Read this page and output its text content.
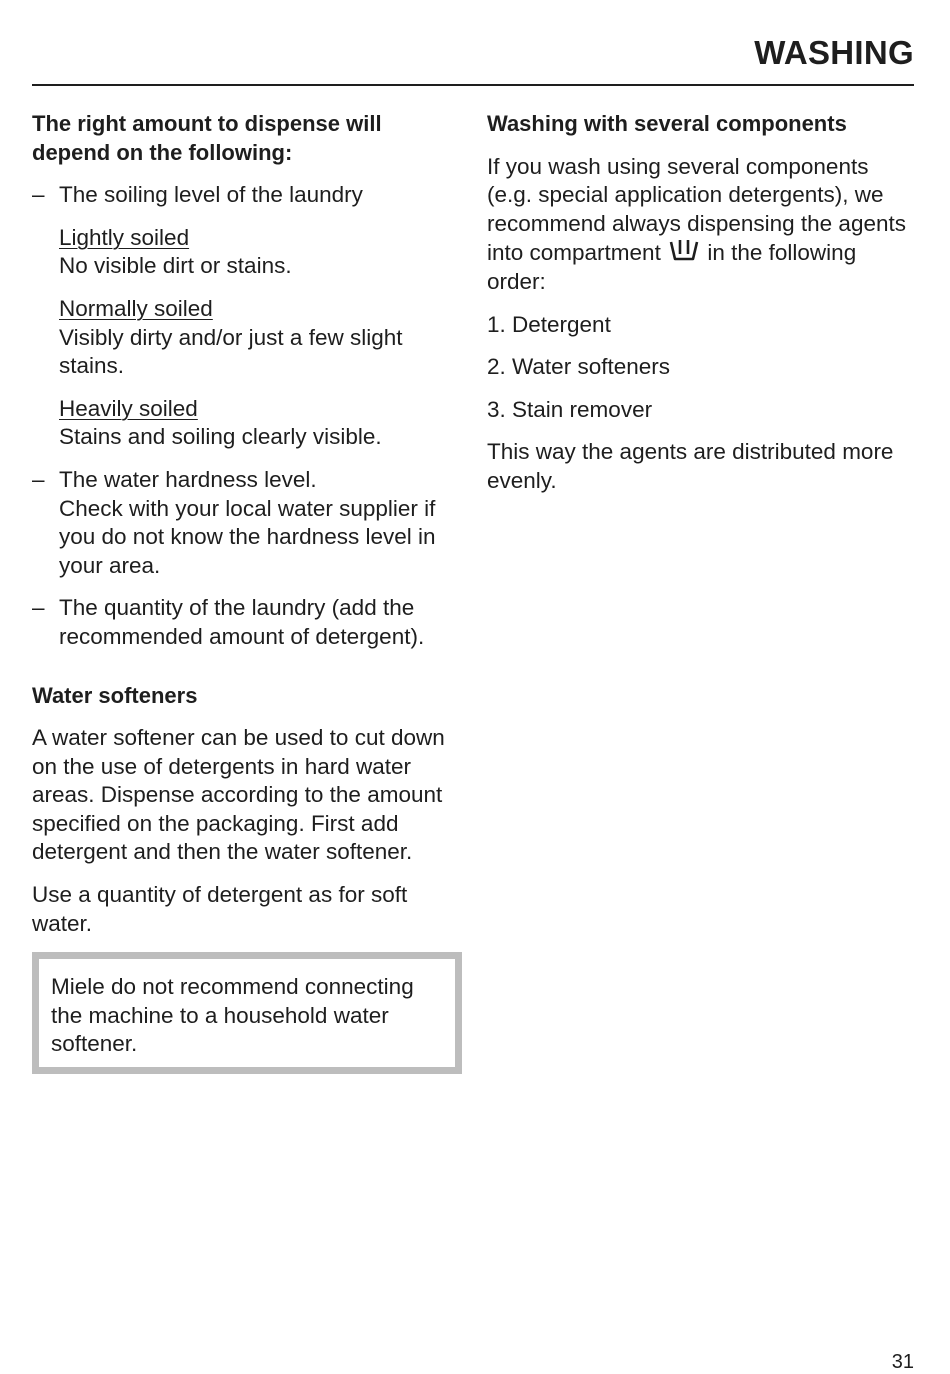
WASHING

The right amount to dispense will depend on the following:

– The soiling level of the laundry

Lightly soiled
No visible dirt or stains.

Normally soiled
Visibly dirty and/or just a few slight stains.

Heavily soiled
Stains and soiling clearly visible.

– The water hardness level.
Check with your local water supplier if you do not know the hardness level in your area.
– The quantity of the laundry (add the recommended amount of detergent).

Water softeners

A water softener can be used to cut down on the use of detergents in hard water areas. Dispense according to the amount specified on the packaging. First add detergent and then the water softener.

Use a quantity of detergent as for soft water.

Miele do not recommend connecting the machine to a household water softener.

Washing with several components

If you wash using several components (e.g. special application detergents), we recommend always dispensing the agents into compartment in the following order:

1. Detergent

2. Water softeners

3. Stain remover

This way the agents are distributed more evenly.

31
